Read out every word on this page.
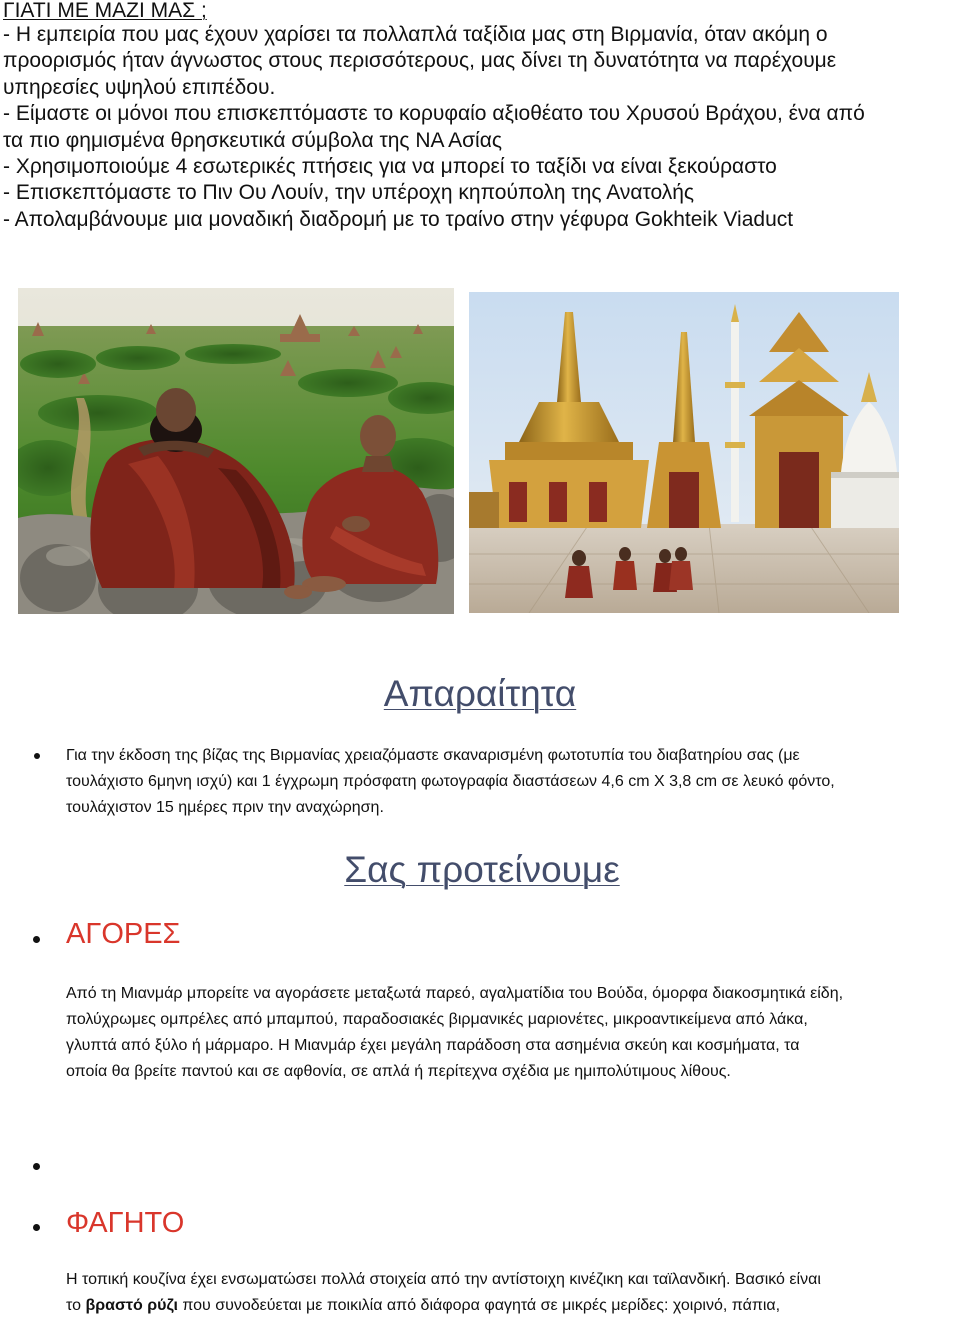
ΓΙΑΤΙ ΜΕ ΜΑΖΙ ΜΑΣ ;

- Η εμπειρία που μας έχουν χαρίσει τα πολλαπλά ταξίδια μας στη Βιρμανία, όταν ακόμη ο

προορισμός ήταν άγνωστος στους περισσότερους, μας δίνει τη δυνατότητα να παρέχουμε

υπηρεσίες υψηλού επιπέδου.

- Είμαστε οι μόνοι που επισκεπτόμαστε το κορυφαίο αξιοθέατο του Χρυσού Βράχου, ένα από

τα πιο φημισμένα θρησκευτικά σύμβολα της ΝΑ Ασίας

- Χρησιμοποιούμε 4 εσωτερικές πτήσεις για να μπορεί το ταξίδι να είναι ξεκούραστο

- Επισκεπτόμαστε το Πιν Ου Λουίν, την υπέροχη κηπούπολη της Ανατολής

- Απολαμβάνουμε μια μοναδική διαδρομή με το τραίνο στην γέφυρα Gokhteik Viaduct

Απαραίτητα

Για την έκδοση της βίζας της Βιρμανίας χρειαζόμαστε σκαναρισμένη φωτοτυπία του διαβατηρίου σας (με

τουλάχιστο 6μηνη ισχύ) και 1 έγχρωμη πρόσφατη φωτογραφία διαστάσεων 4,6 cm X 3,8 cm σε λευκό φόντο,

τουλάχιστον 15 ημέρες πριν την αναχώρηση.

Σας προτείνουμε
ΑΓΟΡΕΣ

Από τη Μιανμάρ μπορείτε να αγοράσετε μεταξωτά παρεό, αγαλματίδια του Βούδα, όμορφα διακοσμητικά είδη,

πολύχρωμες ομπρέλες από μπαμπού, παραδοσιακές βιρμανικές μαριονέτες, μικροαντικείμενα από λάκα,

γλυπτά από ξύλο ή μάρμαρο. Η Μιανμάρ έχει μεγάλη παράδοση στα ασημένια σκεύη και κοσμήματα, τα

οποία θα βρείτε παντού και σε αφθονία, σε απλά ή περίτεχνα σχέδια με ημιπολύτιμους λίθους.

ΦΑΓΗΤΟ

Η τοπική κουζίνα έχει ενσωματώσει πολλά στοιχεία από την αντίστοιχη κινέζικη και ταϊλανδική. Βασικό είναι

το βραστό ρύζι που συνοδεύεται με ποικιλία από διάφορα φαγητά σε μικρές μερίδες: χοιρινό, πάπια,
